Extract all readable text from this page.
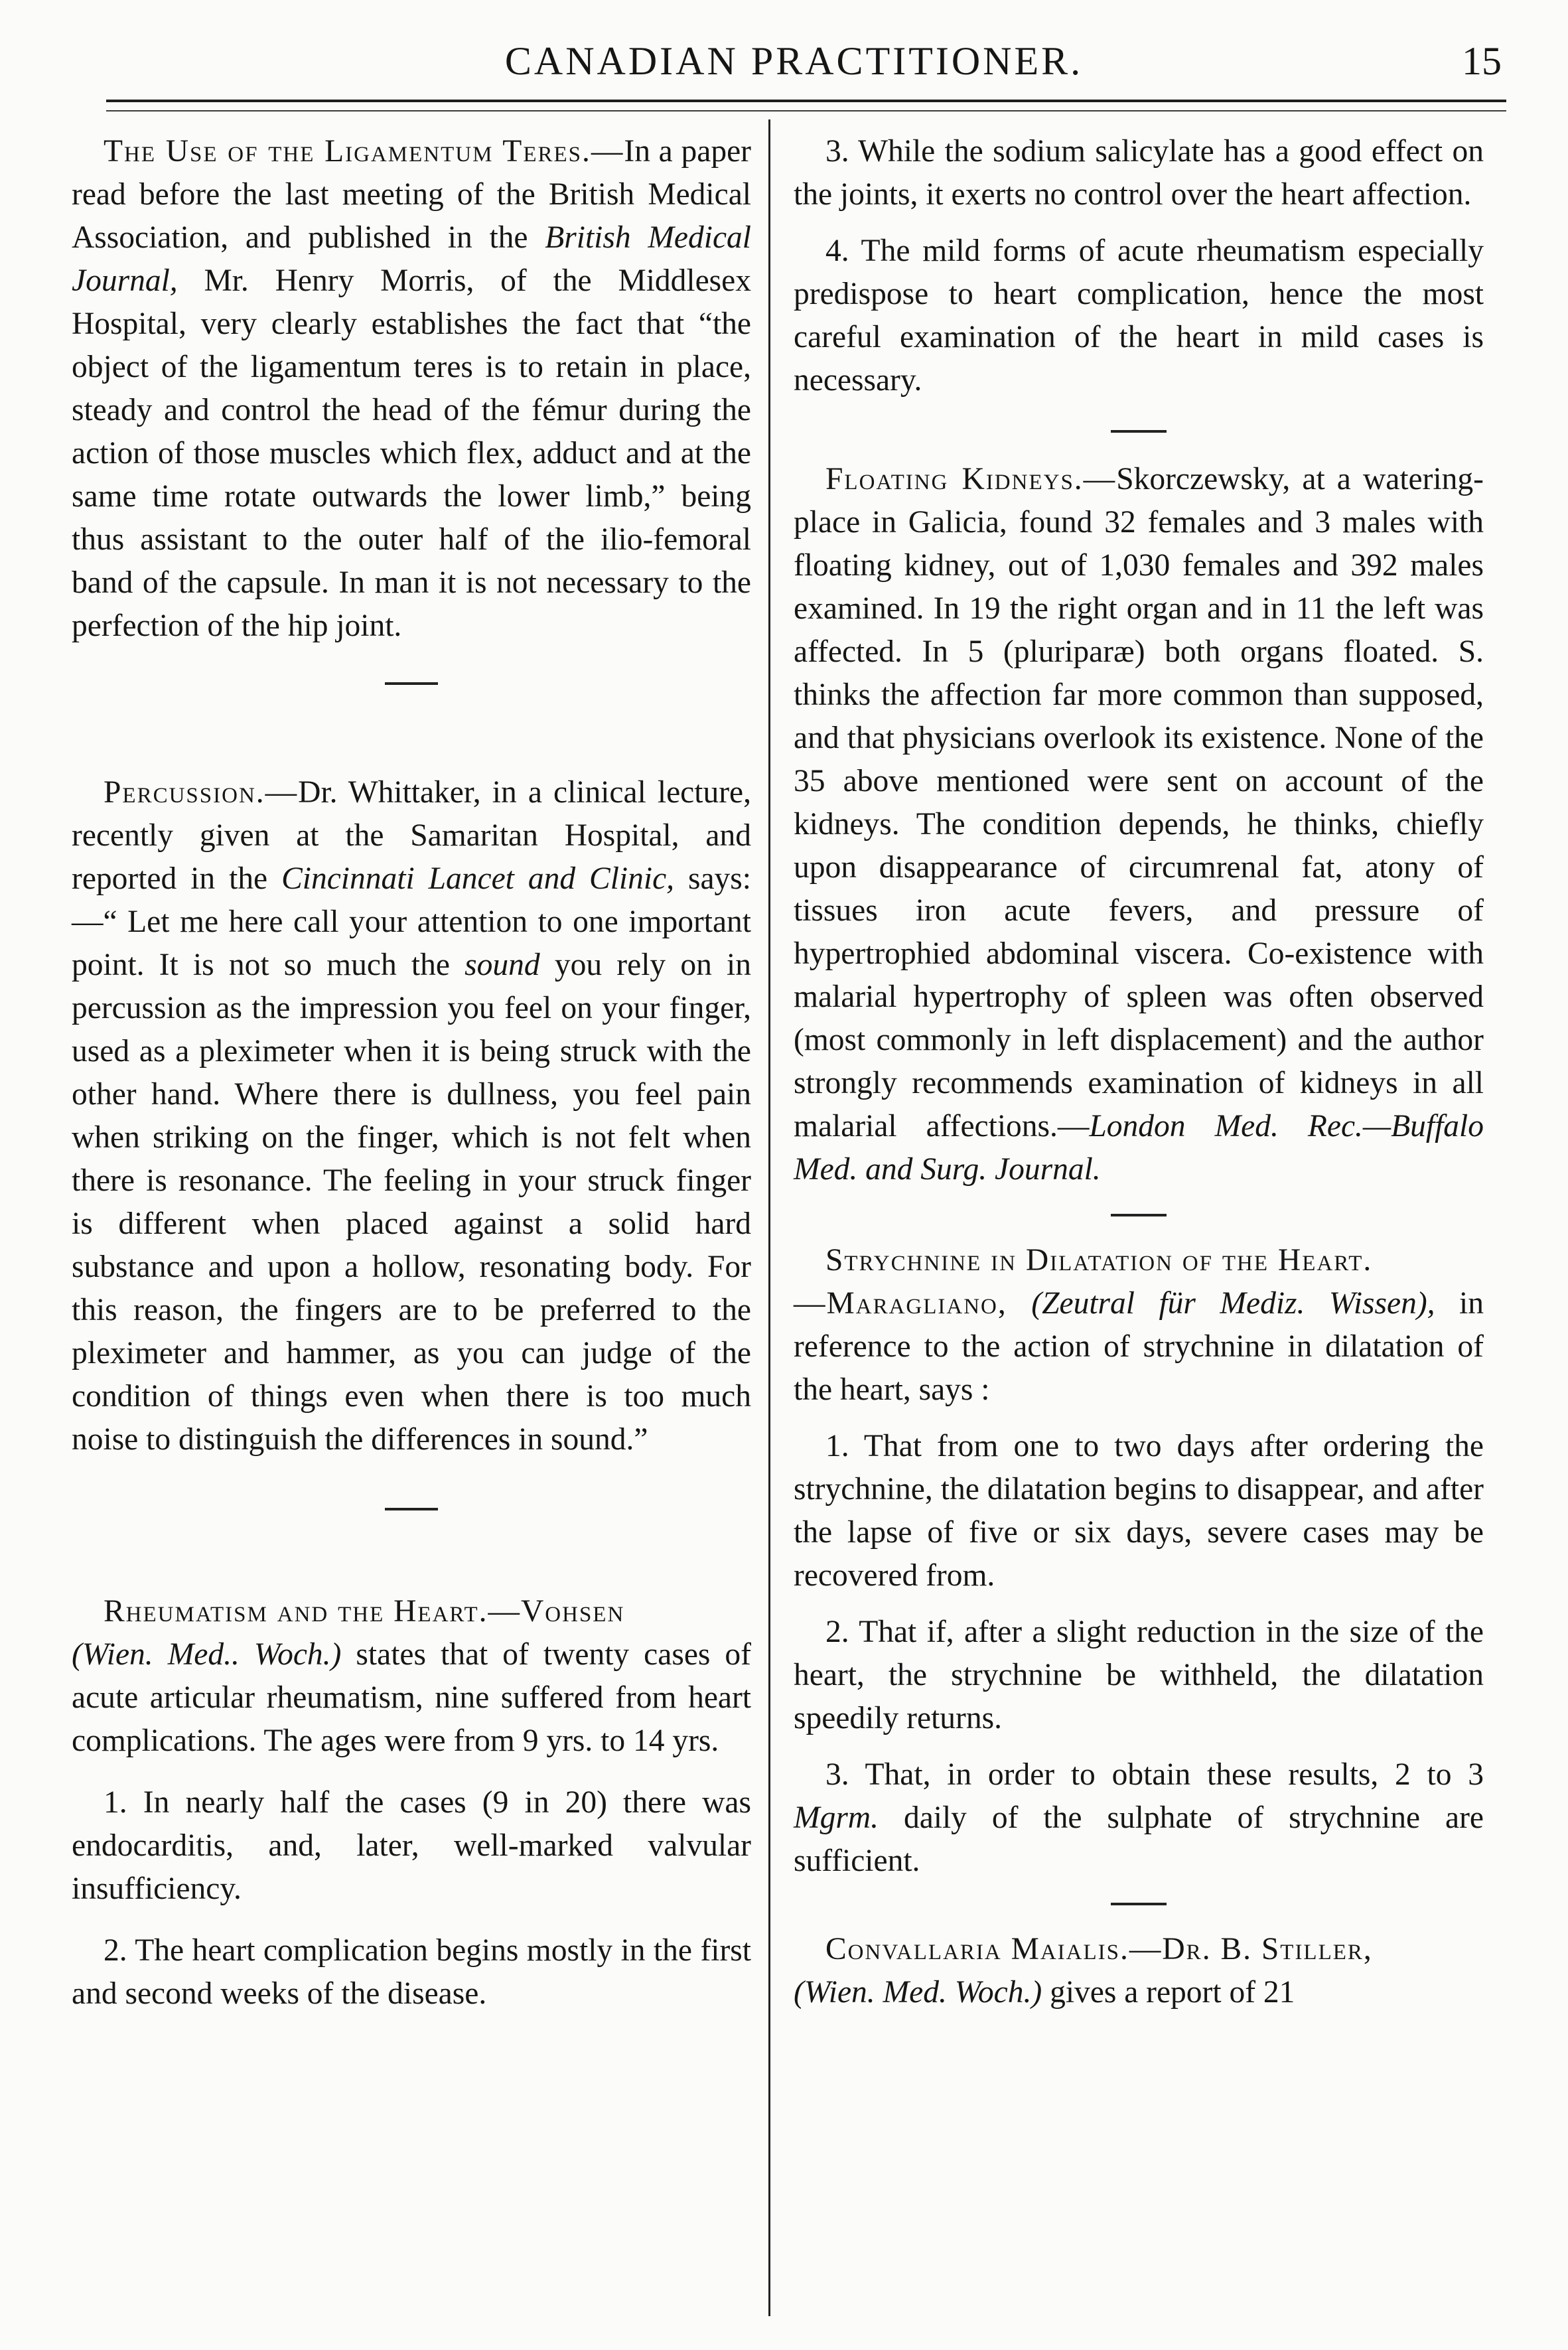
CANADIAN PRACTITIONER.	15

The Use of the Ligamentum Teres.—In a paper read before the last meeting of the British Medical Association, and published in the British Medical Journal, Mr. Henry Morris, of the Middlesex Hospital, very clearly establishes the fact that “the object of the ligamentum teres is to retain in place, steady and control the head of the fémur during the action of those muscles which flex, adduct and at the same time rotate outwards the lower limb,” being thus assistant to the outer half of the ilio-femoral band of the capsule. In man it is not necessary to the perfection of the hip joint.

Percussion.—Dr. Whittaker, in a clinical lecture, recently given at the Samaritan Hospital, and reported in the Cincinnati Lancet and Clinic, says:—“ Let me here call your attention to one important point. It is not so much the sound you rely on in percussion as the impression you feel on your finger, used as a pleximeter when it is being struck with the other hand. Where there is dullness, you feel pain when striking on the finger, which is not felt when there is resonance. The feeling in your struck finger is different when placed against a solid hard substance and upon a hollow, resonating body. For this reason, the fingers are to be preferred to the pleximeter and hammer, as you can judge of the condition of things even when there is too much noise to distinguish the differences in sound.”

Rheumatism and the Heart.—Vohsen
(Wien. Med.. Woch.) states that of twenty cases of acute articular rheumatism, nine suffered from heart complications. The ages were from 9 yrs. to 14 yrs.

1. In nearly half the cases (9 in 20) there was endocarditis, and, later, well-marked valvular insufficiency.

2. The heart complication begins mostly in the first and second weeks of the disease.

3. While the sodium salicylate has a good effect on the joints, it exerts no control over the heart affection.

4. The mild forms of acute rheumatism especially predispose to heart complication, hence the most careful examination of the heart in mild cases is necessary.

Floating Kidneys.—Skorczewsky, at a watering-place in Galicia, found 32 females and 3 males with floating kidney, out of 1,030 females and 392 males examined. In 19 the right organ and in 11 the left was affected. In 5 (pluriparæ) both organs floated. S. thinks the affection far more common than supposed, and that physicians overlook its existence. None of the 35 above mentioned were sent on account of the kidneys. The condition depends, he thinks, chiefly upon disappearance of circumrenal fat, atony of tissues iron acute fevers, and pressure of hypertrophied abdominal viscera. Co-existence with malarial hypertrophy of spleen was often observed (most commonly in left displacement) and the author strongly recommends examination of kidneys in all malarial affections.—London Med. Rec.—Buffalo Med. and Surg. Journal.

Strychnine in Dilatation of the Heart.
—Maragliano, (Zeutral für Mediz. Wissen), in reference to the action of strychnine in dilatation of the heart, says :

1. That from one to two days after ordering the strychnine, the dilatation begins to disappear, and after the lapse of five or six days, severe cases may be recovered from.

2. That if, after a slight reduction in the size of the heart, the strychnine be withheld, the dilatation speedily returns.

3. That, in order to obtain these results, 2 to 3 Mgrm. daily of the sulphate of strychnine are sufficient.

Convallaria Maialis.—Dr. B. Stiller,
(Wien. Med. Woch.) gives a report of 21
